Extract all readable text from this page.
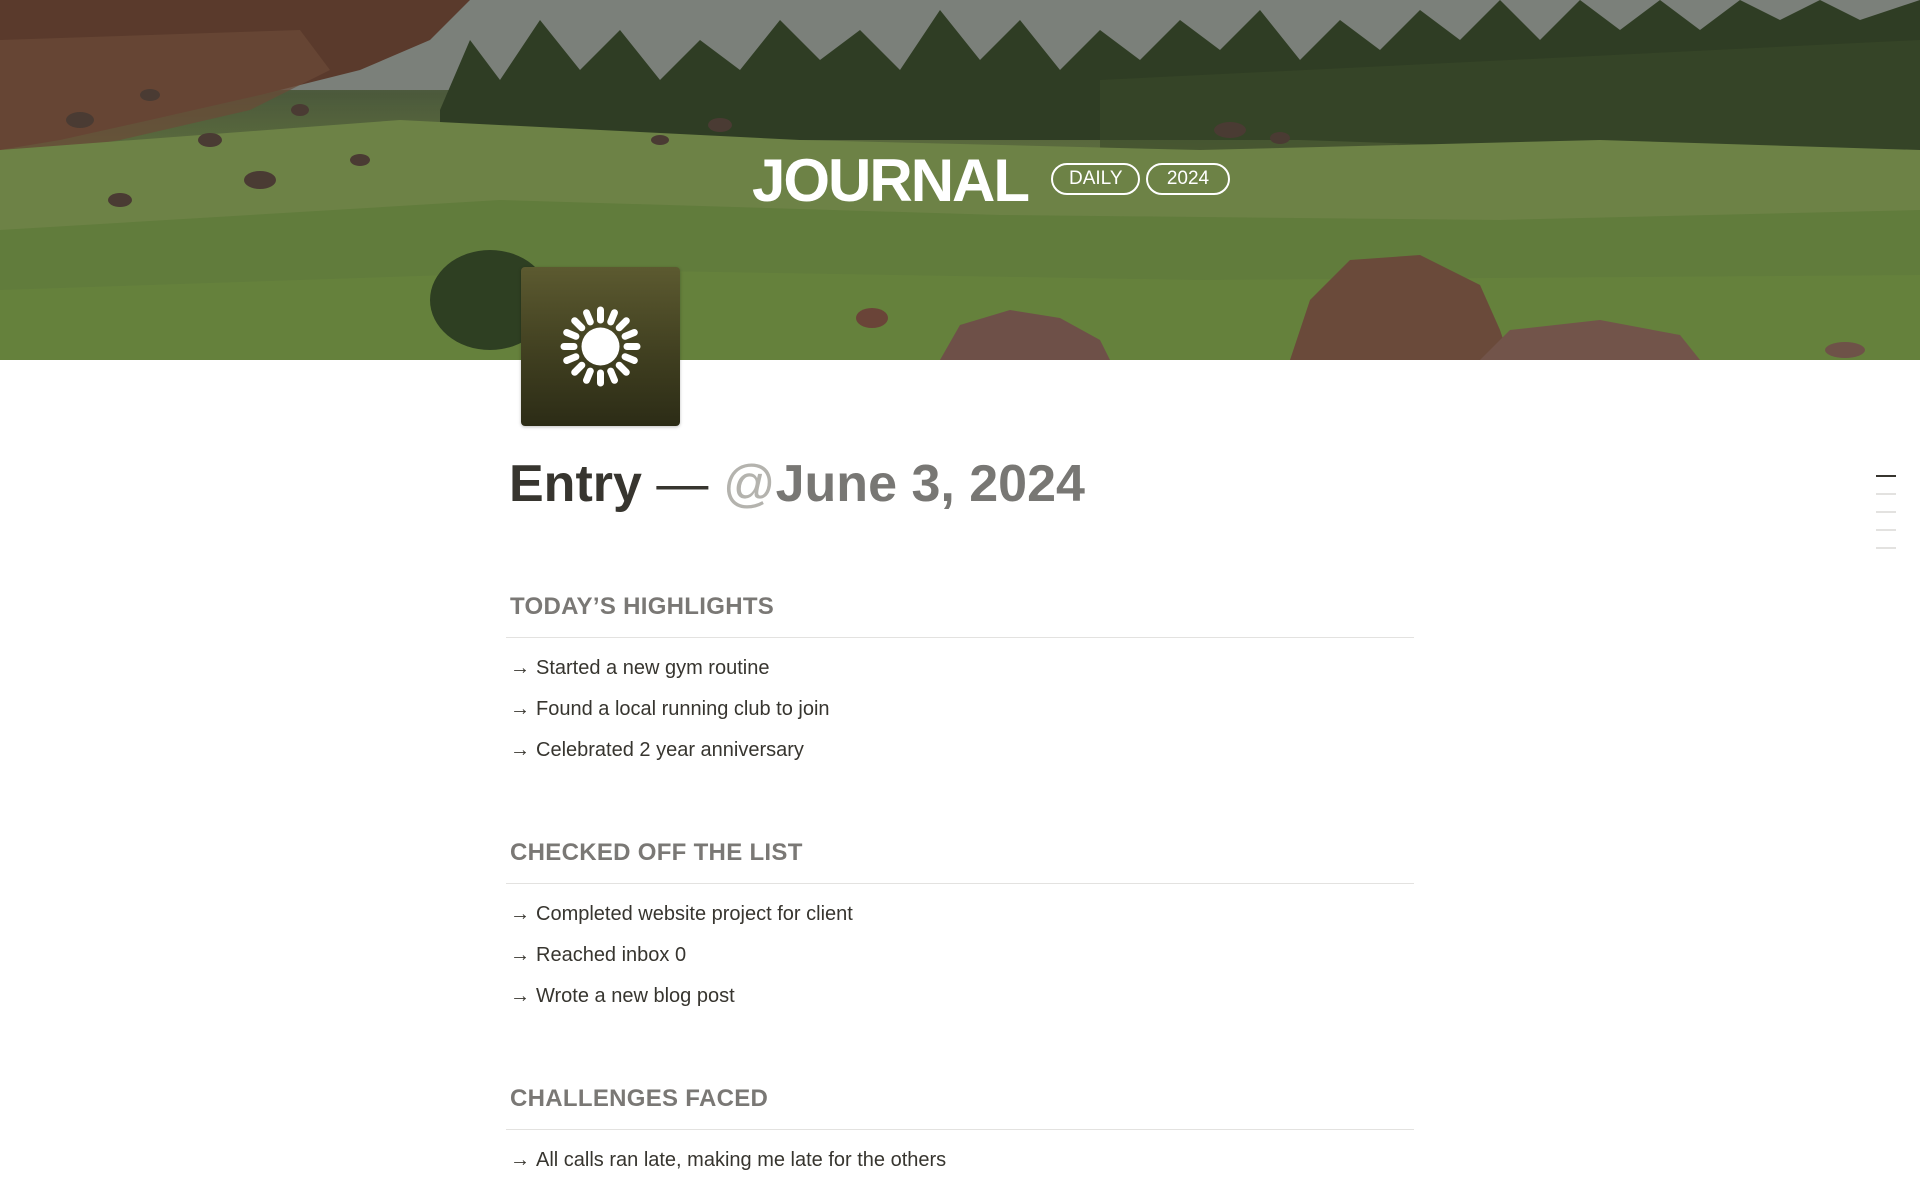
JOURNAL	DAILY	2024
Entry — @June 3, 2024
TODAY’S HIGHLIGHTS
→ Started a new gym routine
→ Found a local running club to join
→ Celebrated 2 year anniversary
CHECKED OFF THE LIST
→ Completed website project for client
→ Reached inbox 0
→ Wrote a new blog post
CHALLENGES FACED
→ All calls ran late, making me late for the others
